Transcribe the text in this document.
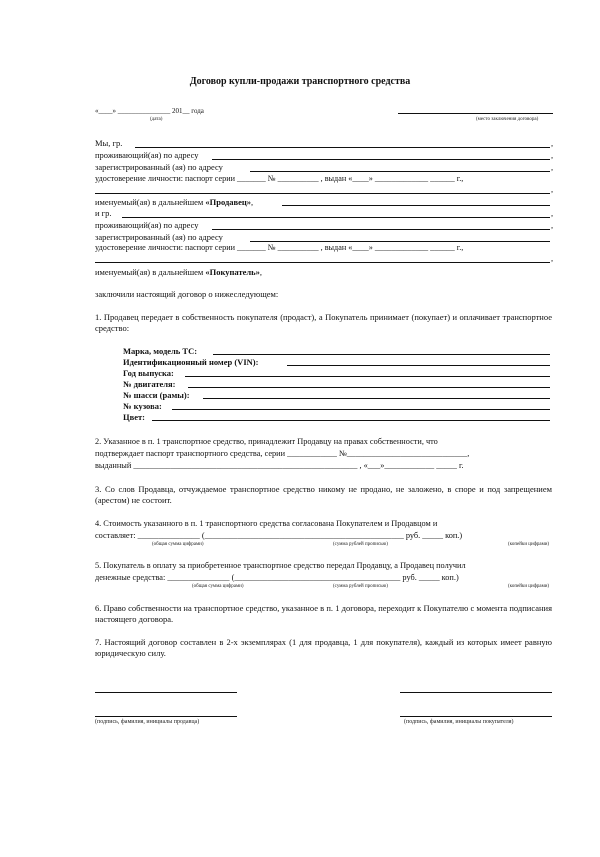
Договор купли-продажи транспортного средства
«____» _______________ 201__ года
(дата)	(место заключения договора)
Мы, гр.	,
проживающий(ая) по адресу	,
зарегистрированный (ая) по адресу	,
удостоверение личности: паспорт серии _______ № __________ , выдан «____» _____________ ______ г.,
,
именуемый(ая) в дальнейшем «Продавец»,
и гр.	,
проживающий(ая) по адресу	,
зарегистрированный (ая) по адресу
удостоверение личности: паспорт серии _______ № __________ , выдан «____» _____________ ______ г.,
,
именуемый(ая) в дальнейшем «Покупатель»,
заключили настоящий договор о нижеследующем:
1. Продавец передает в собственность покупателя (продаст), а Покупатель принимает (покупает) и оплачивает транспортное средство:
Марка, модель ТС:
Идентификационный номер (VIN):
Год выпуска:
№ двигателя:
№ шасси (рамы):
№ кузова:
Цвет:
2. Указанное в п. 1 транспортное средство, принадлежит Продавцу на правах собственности, что
подтверждает паспорт транспортного средства, серии ____________ №_____________________________,
выданный ______________________________________________________ , «___»____________ _____ г.
3. Со слов Продавца, отчуждаемое транспортное средство никому не продано, не заложено, в споре и под запрещением (арестом) не состоит.
4. Стоимость указанного в п. 1 транспортного средства согласована Покупателем и Продавцом и
составляет: _______________ (________________________________________________ руб. _____ коп.)
(общая сумма цифрами)	(сумма рублей прописью)	(копейки цифрами)
5. Покупатель в оплату за приобретенное транспортное средство передал Продавцу, а Продавец получил
денежные средства: _______________ (________________________________________ руб. _____ коп.)
(общая сумма цифрами)	(сумма рублей прописью)	(копейки цифрами)
6. Право собственности на транспортное средство, указанное в п. 1 договора, переходит к Покупателю с момента подписания настоящего договора.
7. Настоящий договор составлен в 2-х экземплярах (1 для продавца, 1 для покупателя), каждый из которых имеет равную юридическую силу.
(подпись, фамилия, инициалы продавца)	(подпись, фамилия, инициалы покупателя)
